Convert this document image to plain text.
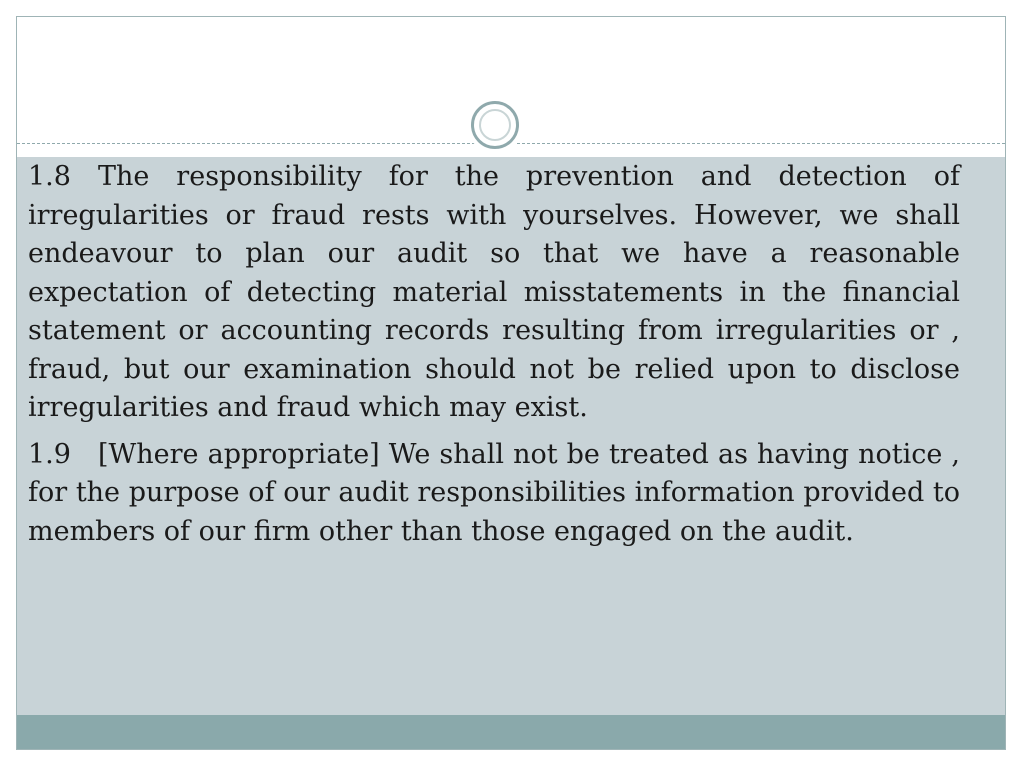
1.8 The responsibility for the prevention and detection of irregularities or fraud rests with yourselves. However, we shall endeavour to plan our audit so that we have a reasonable expectation of detecting material misstatements in the financial statement or accounting records resulting from irregularities or , fraud, but our examination should not be relied upon to disclose irregularities and fraud which may exist.

1.9 [Where appropriate] We shall not be treated as having notice , for the purpose of our audit responsibilities information provided to members of our firm other than those engaged on the audit.
